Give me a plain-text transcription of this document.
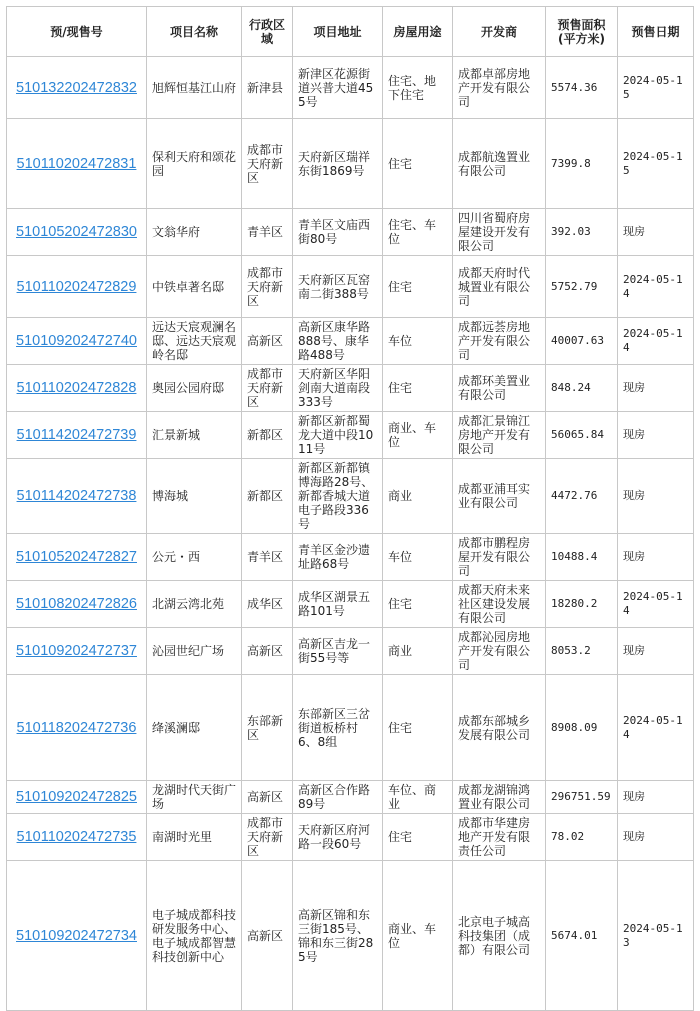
预/现售号	项目名称	行政区域	项目地址	房屋用途	开发商	预售面积(平方米)	预售日期
510132202472832	旭辉恒基江山府	新津县	新津区花源街道兴普大道455号	住宅、地下住宅	成都卓部房地产开发有限公司	5574.36	2024-05-15
510110202472831	保利天府和颂花园	成都市天府新区	天府新区瑞祥东街1869号	住宅	成都航逸置业有限公司	7399.8	2024-05-15
510105202472830	文翁华府	青羊区	青羊区文庙西街80号	住宅、车位	四川省蜀府房屋建设开发有限公司	392.03	现房
510110202472829	中铁卓著名邸	成都市天府新区	天府新区瓦窑南二街388号	住宅	成都天府时代城置业有限公司	5752.79	2024-05-14
510109202472740	远达天宸观澜名邸、远达天宸观岭名邸	高新区	高新区康华路888号、康华路488号	车位	成都远荟房地产开发有限公司	40007.63	2024-05-14
510110202472828	奥园公园府邸	成都市天府新区	天府新区华阳剑南大道南段333号	住宅	成都环美置业有限公司	848.24	现房
510114202472739	汇景新城	新都区	新都区新都蜀龙大道中段1011号	商业、车位	成都汇景锦江房地产开发有限公司	56065.84	现房
510114202472738	博海城	新都区	新都区新都镇博海路28号、新都香城大道电子路段336号	商业	成都亚浦耳实业有限公司	4472.76	现房
510105202472827	公元・西	青羊区	青羊区金沙遗址路68号	车位	成都市鹏程房屋开发有限公司	10488.4	现房
510108202472826	北湖云湾北苑	成华区	成华区湖景五路101号	住宅	成都天府未来社区建设发展有限公司	18280.2	2024-05-14
510109202472737	沁园世纪广场	高新区	高新区吉龙一街55号等	商业	成都沁园房地产开发有限公司	8053.2	现房
510118202472736	绛溪澜邸	东部新区	东部新区三岔街道板桥村6、8组	住宅	成都东部城乡发展有限公司	8908.09	2024-05-14
510109202472825	龙湖时代天街广场	高新区	高新区合作路89号	车位、商业	成都龙湖锦鸿置业有限公司	296751.59	现房
510110202472735	南湖时光里	成都市天府新区	天府新区府河路一段60号	住宅	成都市华建房地产开发有限责任公司	78.02	现房
510109202472734	电子城成都科技研发服务中心、电子城成都智慧科技创新中心	高新区	高新区锦和东三街185号、锦和东三街285号	商业、车位	北京电子城高科技集团（成都）有限公司	5674.01	2024-05-13
